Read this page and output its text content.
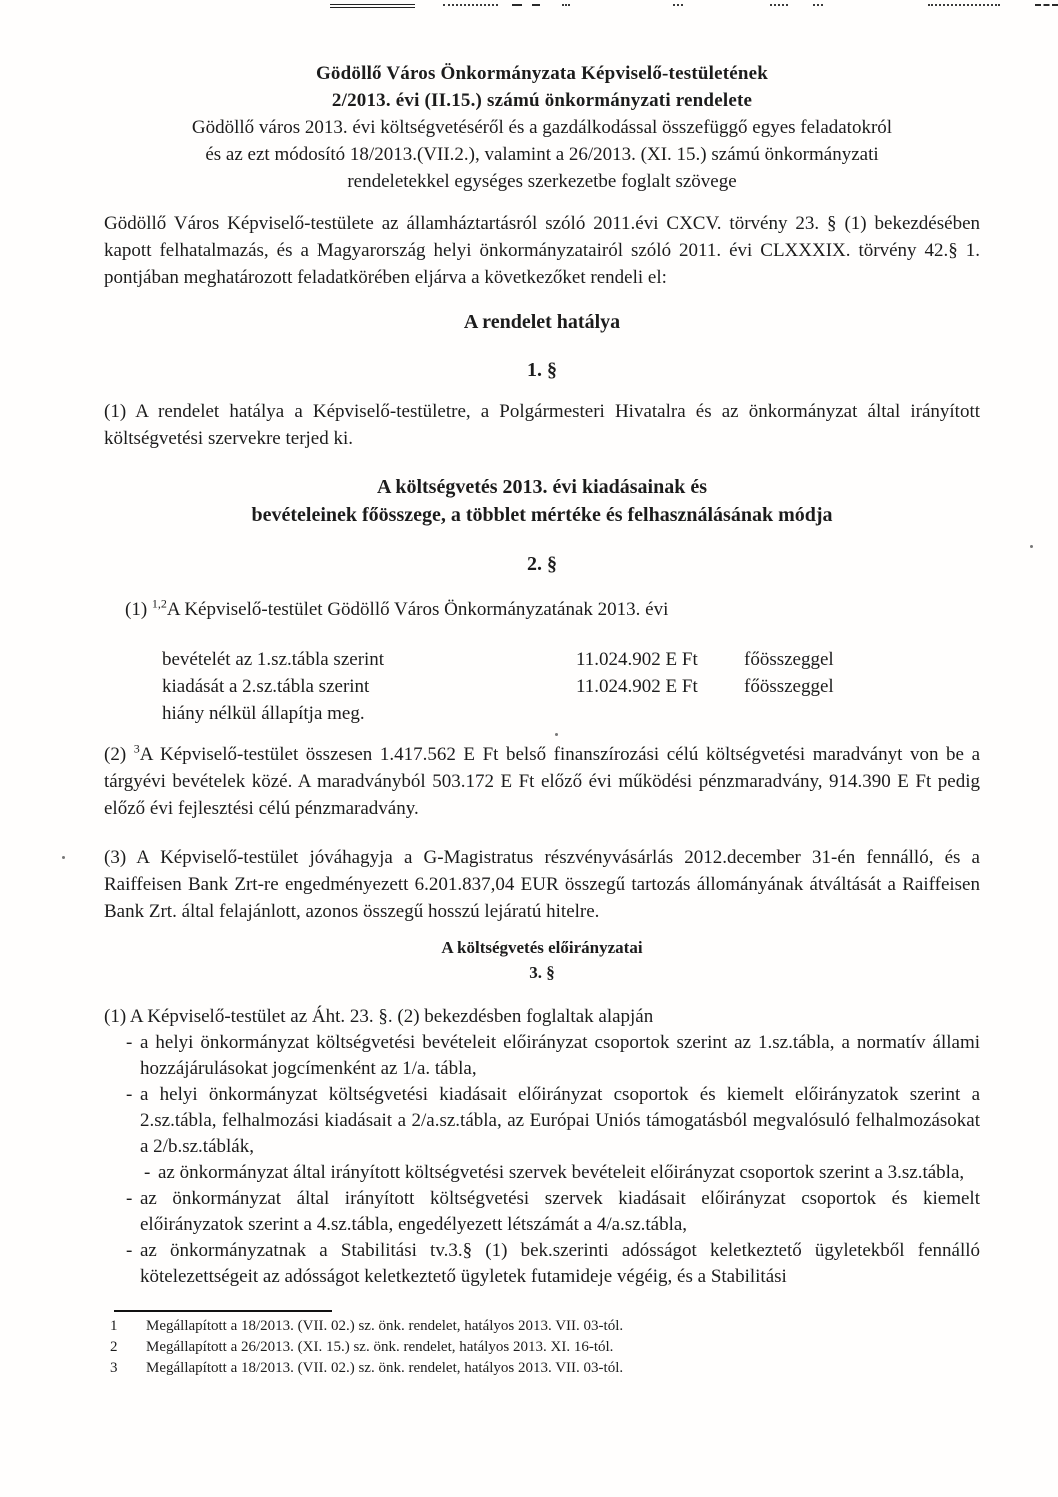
Gödöllő Város Önkormányzata Képviselő-testületének
2/2013. évi (II.15.) számú önkormányzati rendelete
Gödöllő város 2013. évi költségvetéséről és a gazdálkodással összefüggő egyes feladatokról
és az ezt módosító 18/2013.(VII.2.), valamint a 26/2013. (XI. 15.) számú önkormányzati
rendeletekkel egységes szerkezetbe foglalt szövege

Gödöllő Város Képviselő-testülete az államháztartásról szóló 2011.évi CXCV. törvény 23. § (1) bekezdésében kapott felhatalmazás, és a Magyarország helyi önkormányzatairól szóló 2011. évi CLXXXIX. törvény 42.§ 1. pontjában meghatározott feladatkörében eljárva a következőket rendeli el:

A rendelet hatálya
1. §

(1) A rendelet hatálya a Képviselő-testületre, a Polgármesteri Hivatalra és az önkormányzat által irányított költségvetési szervekre terjed ki.

A költségvetés 2013. évi kiadásainak és
bevételeinek főösszege, a többlet mértéke és felhasználásának módja
2. §

(1) $^{1,2}$A Képviselő-testület Gödöllő Város Önkormányzatának 2013. évi

bevételét az 1.sz.tábla szerint	11.024.902 E Ft	főösszeggel
kiadását a 2.sz.tábla szerint	11.024.902 E Ft	főösszeggel
hiány nélkül állapítja meg.

(2) $^3$A Képviselő-testület összesen 1.417.562 E Ft belső finanszírozási célú költségvetési maradványt von be a tárgyévi bevételek közé. A maradványból 503.172 E Ft előző évi működési pénzmaradvány, 914.390 E Ft pedig előző évi fejlesztési célú pénzmaradvány.

(3) A Képviselő-testület jóváhagyja a G-Magistratus részvényvásárlás 2012.december 31-én fennálló, és a Raiffeisen Bank Zrt-re engedményezett 6.201.837,04 EUR összegű tartozás állományának átváltását a Raiffeisen Bank Zrt. által felajánlott, azonos összegű hosszú lejáratú hitelre.

A költségvetés előirányzatai
3. §

(1) A Képviselő-testület az Áht. 23. §. (2) bekezdésben foglaltak alapján

- a helyi önkormányzat költségvetési bevételeit előirányzat csoportok szerint az 1.sz.tábla, a normatív állami hozzájárulásokat jogcímenként az 1/a. tábla,
- a helyi önkormányzat költségvetési kiadásait előirányzat csoportok és kiemelt előirányzatok szerint a 2.sz.tábla, felhalmozási kiadásait a 2/a.sz.tábla, az Európai Uniós támogatásból megvalósuló felhalmozásokat a 2/b.sz.táblák,
- az önkormányzat által irányított költségvetési szervek bevételeit előirányzat csoportok szerint a 3.sz.tábla,
- az önkormányzat által irányított költségvetési szervek kiadásait előirányzat csoportok és kiemelt előirányzatok szerint a 4.sz.tábla, engedélyezett létszámát a 4/a.sz.tábla,
- az önkormányzatnak a Stabilitási tv.3.§ (1) bek.szerinti adósságot keletkeztető ügyletekből fennálló kötelezettségeit az adósságot keletkeztető ügyletek futamideje végéig, és a Stabilitási
1	Megállapított a 18/2013. (VII. 02.) sz. önk. rendelet, hatályos 2013. VII. 03-tól.
2	Megállapított a 26/2013. (XI. 15.) sz. önk. rendelet, hatályos 2013. XI. 16-tól.
3	Megállapított a 18/2013. (VII. 02.) sz. önk. rendelet, hatályos 2013. VII. 03-tól.
